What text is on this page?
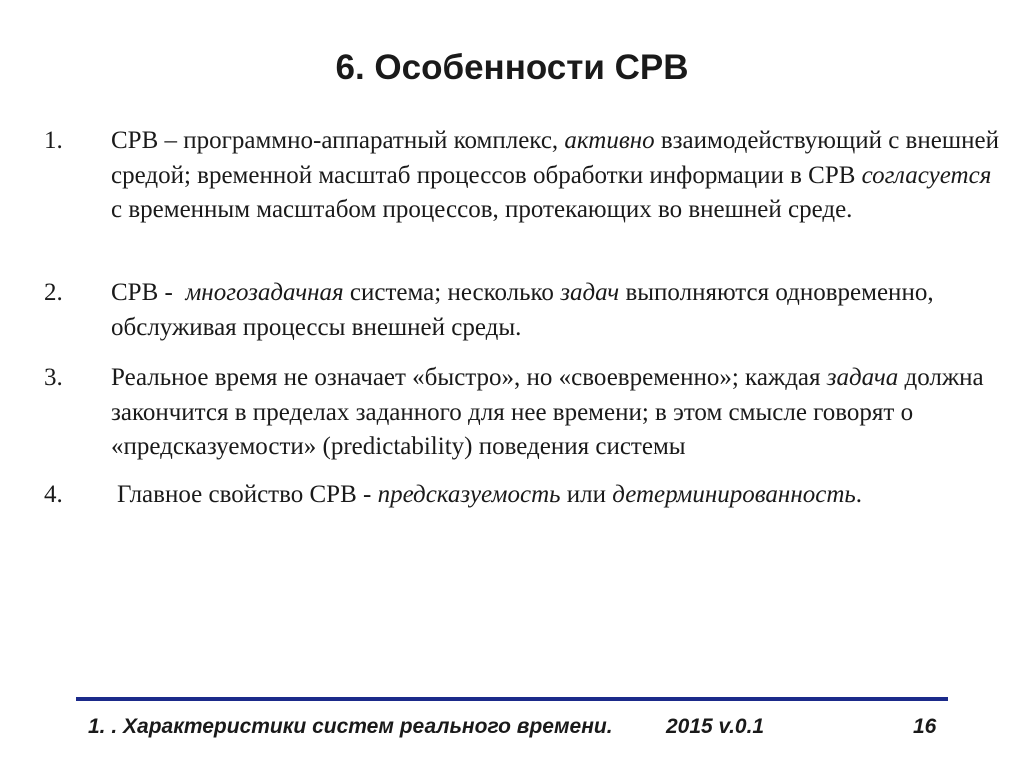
6. Особенности СРВ
1. СРВ – программно-аппаратный комплекс, активно взаимодействующий с внешней средой; временной масштаб процессов обработки информации в СРВ согласуется с временным масштабом процессов, протекающих во внешней среде.
2. СРВ -  многозадачная система; несколько задач выполняются одновременно, обслуживая процессы внешней среды.
3. Реальное время не означает «быстро», но «своевременно»; каждая задача должна закончится в пределах заданного для нее времени; в этом смысле говорят о «предсказуемости» (predictability) поведения системы
4. Главное свойство СРВ - предсказуемость или детерминированность.
1. . Характеристики систем реального времени.	2015 v.0.1	16
